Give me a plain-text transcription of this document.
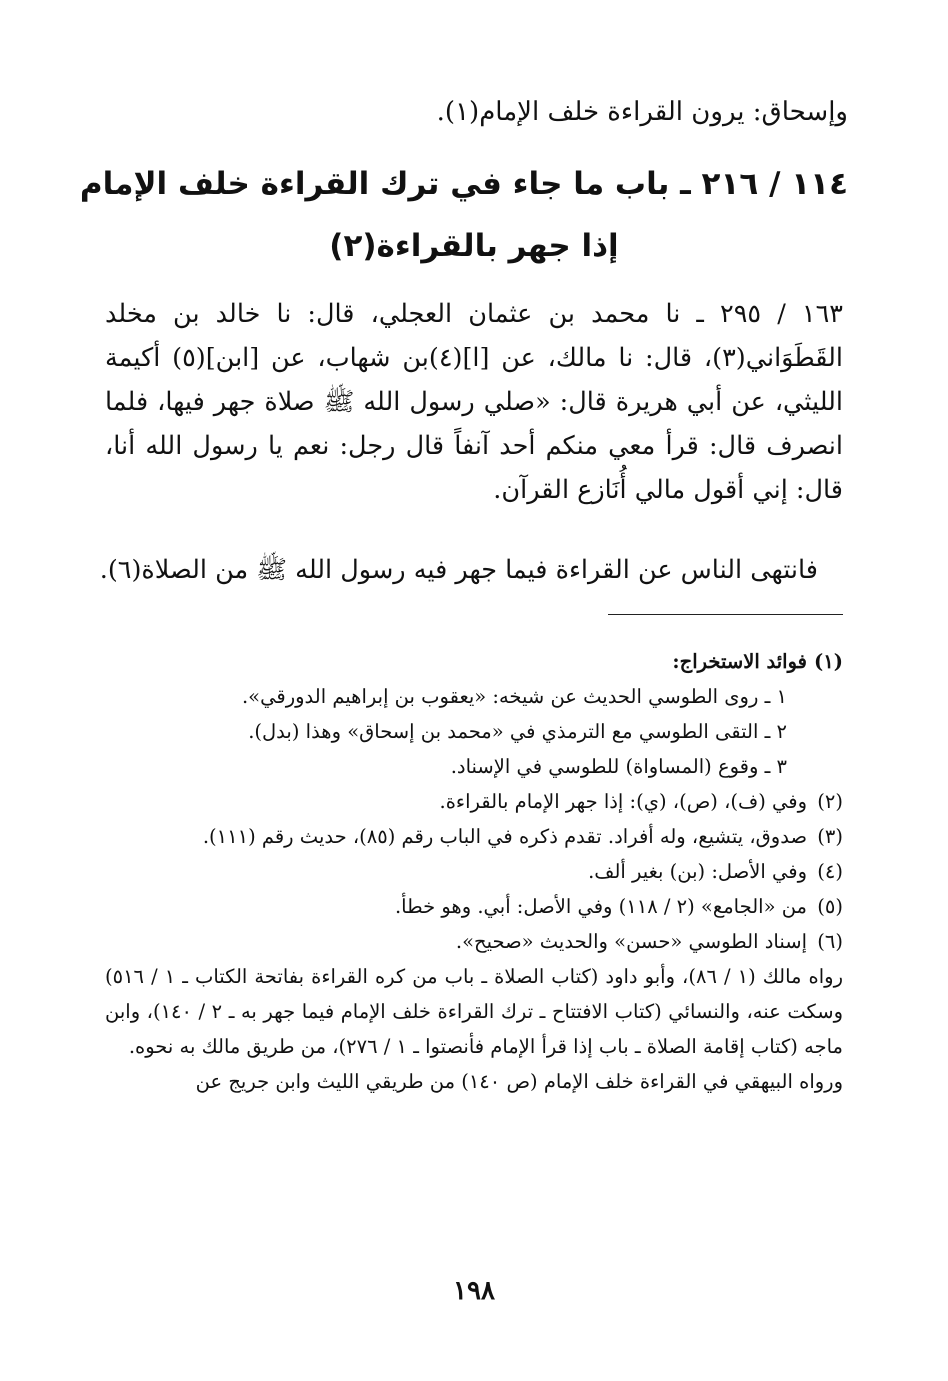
وإسحاق: يرون القراءة خلف الإمام(١).
١١٤ / ٢١٦ ـ باب ما جاء في ترك القراءة خلف الإمام
إذا جهر بالقراءة(٢)

١٦٣ / ٢٩٥ ـ نا محمد بن عثمان العجلي، قال: نا خالد بن مخلد القَطَوَاني(٣)، قال: نا مالك، عن [ا](٤)بن شهاب، عن [ابن](٥) أكيمة الليثي، عن أبي هريرة قال: «صلي رسول الله ﷺ صلاة جهر فيها، فلما انصرف قال: قرأ معي منكم أحد آنفاً قال رجل: نعم يا رسول الله أنا، قال: إني أقول مالي أُنَازع القرآن.

فانتهى الناس عن القراءة فيما جهر فيه رسول الله ﷺ من الصلاة(٦).
(١)
فوائد الاستخراج:
١ ـ روى الطوسي الحديث عن شيخه: «يعقوب بن إبراهيم الدورقي».
٢ ـ التقى الطوسي مع الترمذي في «محمد بن إسحاق» وهذا (بدل).
٣ ـ وقوع (المساواة) للطوسي في الإسناد.
(٢)
وفي (ف)، (ص)، (ي): إذا جهر الإمام بالقراءة.
(٣)
صدوق، يتشيع، وله أفراد. تقدم ذكره في الباب رقم (٨٥)، حديث رقم (١١١).
(٤)
وفي الأصل: (بن) بغير ألف.
(٥)
من «الجامع» (٢ / ١١٨) وفي الأصل: أبي. وهو خطأ.
(٦)
إسناد الطوسي «حسن» والحديث «صحيح».
رواه مالك (١ / ٨٦)، وأبو داود (كتاب الصلاة ـ باب من كره القراءة بفاتحة الكتاب ـ ١ / ٥١٦) وسكت عنه، والنسائي (كتاب الافتتاح ـ ترك القراءة خلف الإمام فيما جهر به ـ ٢ / ١٤٠)، وابن ماجه (كتاب إقامة الصلاة ـ باب إذا قرأ الإمام فأنصتوا ـ ١ / ٢٧٦)، من طريق مالك به نحوه.
ورواه البيهقي في القراءة خلف الإمام (ص ١٤٠) من طريقي الليث وابن جريج عن
١٩٨
